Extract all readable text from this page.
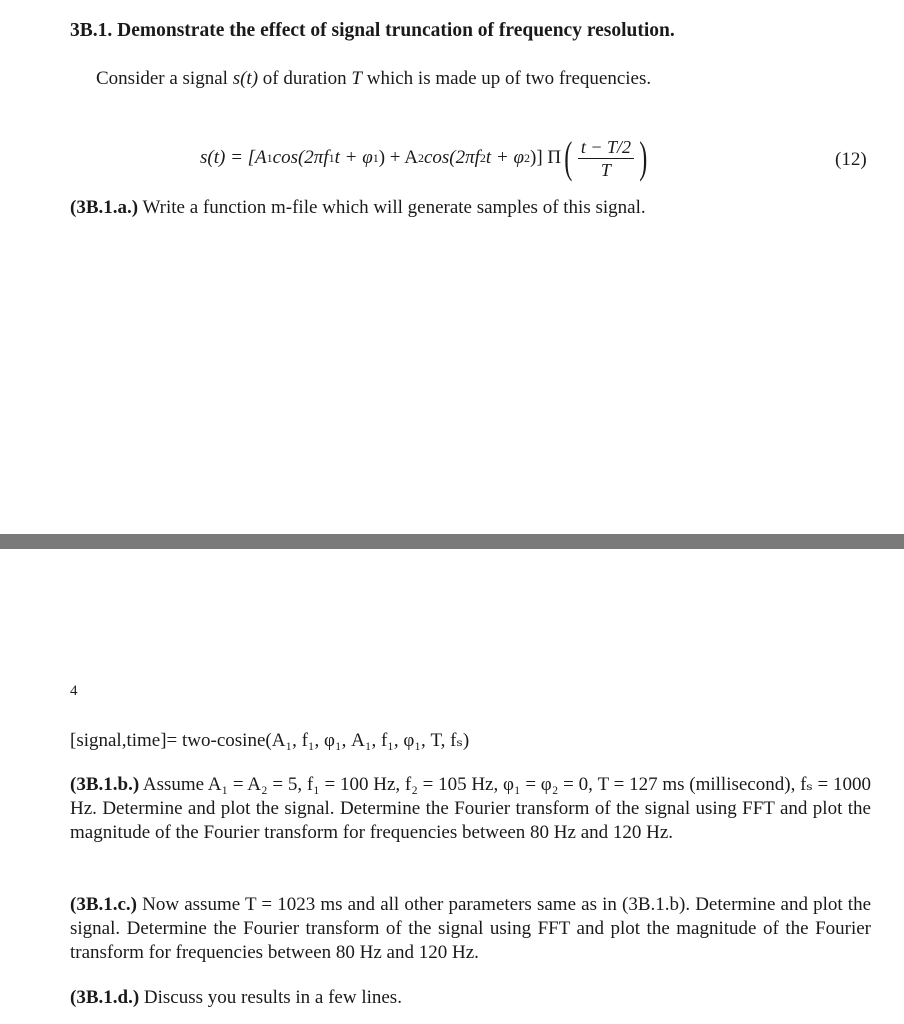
3B.1. Demonstrate the effect of signal truncation of frequency resolution.
Consider a signal s(t) of duration T which is made up of two frequencies.
s(t) = [A 1 cos(2πf 1 t + φ 1 ) + A 2 cos(2πf 2 t + φ 2 )] Π ( $\frac{t - T/2}{T}$ )	(12)
(3B.1.a.) Write a function m-file which will generate samples of this signal.
4
[signal,time]= two-cosine(A₁, f₁, φ₁, A₁, f₁, φ₁, T, fₛ)
(3B.1.b.) Assume A₁ = A₂ = 5, f₁ = 100 Hz, f₂ = 105 Hz, φ₁ = φ₂ = 0, T = 127 ms (millisecond), fₛ = 1000 Hz. Determine and plot the signal. Determine the Fourier transform of the signal using FFT and plot the magnitude of the Fourier transform for frequencies between 80 Hz and 120 Hz.
(3B.1.c.) Now assume T = 1023 ms and all other parameters same as in (3B.1.b). Determine and plot the signal. Determine the Fourier transform of the signal using FFT and plot the magnitude of the Fourier transform for frequencies between 80 Hz and 120 Hz.
(3B.1.d.) Discuss you results in a few lines.
